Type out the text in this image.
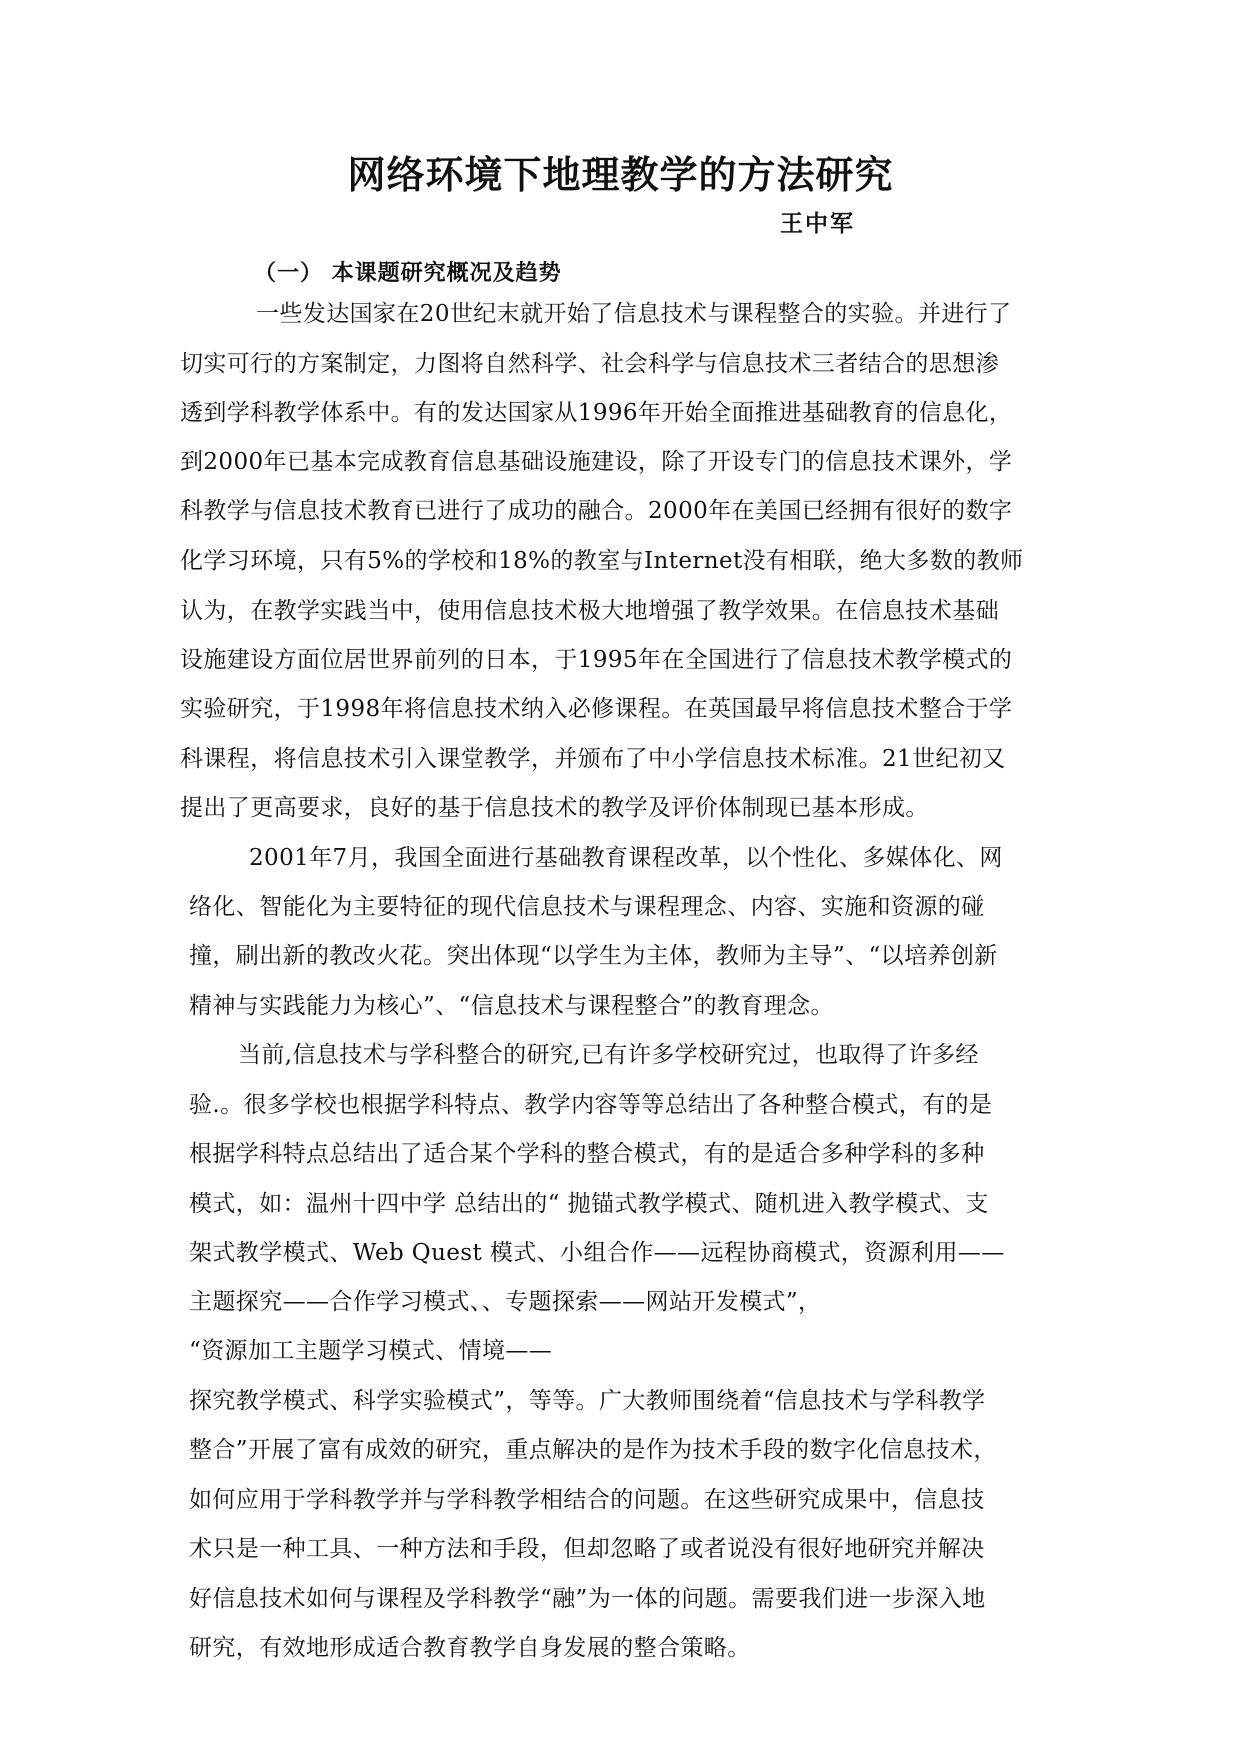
网络环境下地理教学的方法研究
王中军
（一） 本课题研究概况及趋势
一些发达国家在20世纪末就开始了信息技术与课程整合的实验。并进行了
切实可行的方案制定，力图将自然科学、社会科学与信息技术三者结合的思想渗
透到学科教学体系中。有的发达国家从1996年开始全面推进基础教育的信息化，
到2000年已基本完成教育信息基础设施建设，除了开设专门的信息技术课外，学
科教学与信息技术教育已进行了成功的融合。2000年在美国已经拥有很好的数字
化学习环境，只有5%的学校和18%的教室与Internet没有相联，绝大多数的教师
认为，在教学实践当中，使用信息技术极大地增强了教学效果。在信息技术基础
设施建设方面位居世界前列的日本，于1995年在全国进行了信息技术教学模式的
实验研究，于1998年将信息技术纳入必修课程。在英国最早将信息技术整合于学
科课程，将信息技术引入课堂教学，并颁布了中小学信息技术标准。21世纪初又
提出了更高要求，良好的基于信息技术的教学及评价体制现已基本形成。
2001年7月，我国全面进行基础教育课程改革，以个性化、多媒体化、网
络化、智能化为主要特征的现代信息技术与课程理念、内容、实施和资源的碰
撞，刷出新的教改火花。突出体现“以学生为主体，教师为主导”、“以培养创新
精神与实践能力为核心”、“信息技术与课程整合”的教育理念。
当前,信息技术与学科整合的研究,已有许多学校研究过，也取得了许多经
验.。很多学校也根据学科特点、教学内容等等总结出了各种整合模式，有的是
根据学科特点总结出了适合某个学科的整合模式，有的是适合多种学科的多种
模式，如：温州十四中学 总结出的“ 抛锚式教学模式、随机进入教学模式、支
架式教学模式、Web Quest 模式、小组合作——远程协商模式，资源利用——
主题探究——合作学习模式、、专题探索——网站开发模式”，
“资源加工主题学习模式、情境——
探究教学模式、科学实验模式”，等等。广大教师围绕着“信息技术与学科教学
整合”开展了富有成效的研究，重点解决的是作为技术手段的数字化信息技术，
如何应用于学科教学并与学科教学相结合的问题。在这些研究成果中，信息技
术只是一种工具、一种方法和手段，但却忽略了或者说没有很好地研究并解决
好信息技术如何与课程及学科教学“融”为一体的问题。需要我们进一步深入地
研究，有效地形成适合教育教学自身发展的整合策略。
